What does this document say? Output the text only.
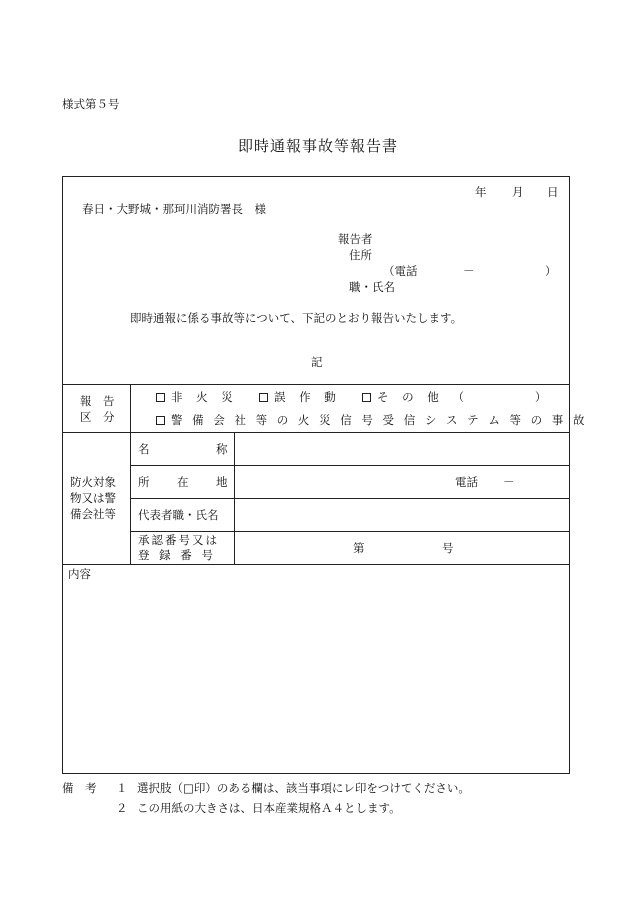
様式第５号
即時通報事故等報告書
年 月 日
春日・大野城・那珂川消防署長　様
報告者
住所
（電話	－	）
職・氏名
即時通報に係る事故等について、下記のとおり報告いたします。
記
報　告
区　分
非 火 災	誤 作 動	そ の 他 （	）
警 備 会 社 等 の 火 災 信 号 受 信 シ ス テ ム 等 の 事 故
防火対象
物又は警
備会社等
名	称
所 在 地	電話 －
代表者職・氏名
承認番号又は
登 録 番 号	第	号
内容
備　考 １ 選択肢（□印）のある欄は、該当事項にレ印をつけてください。
２ この用紙の大きさは、日本産業規格Ａ４とします。
